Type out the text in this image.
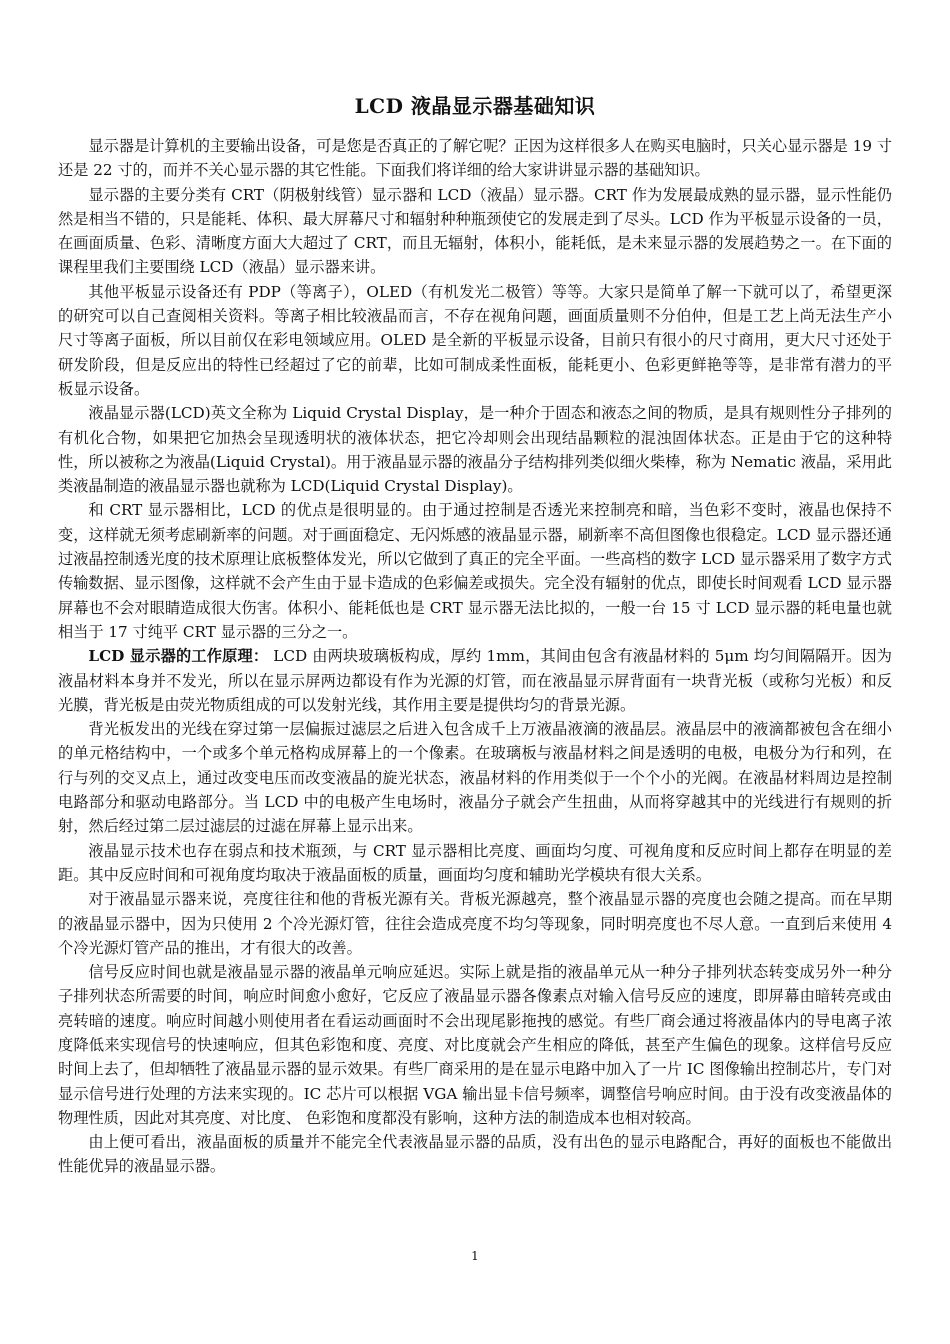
LCD 液晶显示器基础知识

显示器是计算机的主要输出设备，可是您是否真正的了解它呢？正因为这样很多人在购买电脑时，只关心显示器是 19 寸还是 22 寸的，而并不关心显示器的其它性能。下面我们将详细的给大家讲讲显示器的基础知识。

显示器的主要分类有 CRT（阴极射线管）显示器和 LCD（液晶）显示器。CRT 作为发展最成熟的显示器，显示性能仍然是相当不错的，只是能耗、体积、最大屏幕尺寸和辐射种种瓶颈使它的发展走到了尽头。LCD 作为平板显示设备的一员，在画面质量、色彩、清晰度方面大大超过了 CRT，而且无辐射，体积小，能耗低，是未来显示器的发展趋势之一。在下面的课程里我们主要围绕 LCD（液晶）显示器来讲。

其他平板显示设备还有 PDP（等离子），OLED（有机发光二极管）等等。大家只是简单了解一下就可以了，希望更深的研究可以自己查阅相关资料。等离子相比较液晶而言，不存在视角问题，画面质量则不分伯仲，但是工艺上尚无法生产小尺寸等离子面板，所以目前仅在彩电领域应用。OLED 是全新的平板显示设备，目前只有很小的尺寸商用，更大尺寸还处于研发阶段，但是反应出的特性已经超过了它的前辈，比如可制成柔性面板，能耗更小、色彩更鲜艳等等，是非常有潜力的平板显示设备。

液晶显示器(LCD)英文全称为 Liquid Crystal Display，是一种介于固态和液态之间的物质，是具有规则性分子排列的有机化合物，如果把它加热会呈现透明状的液体状态，把它冷却则会出现结晶颗粒的混浊固体状态。正是由于它的这种特性，所以被称之为液晶(Liquid Crystal)。用于液晶显示器的液晶分子结构排列类似细火柴棒，称为 Nematic 液晶，采用此类液晶制造的液晶显示器也就称为 LCD(Liquid Crystal Display)。

和 CRT 显示器相比，LCD 的优点是很明显的。由于通过控制是否透光来控制亮和暗，当色彩不变时，液晶也保持不变，这样就无须考虑刷新率的问题。对于画面稳定、无闪烁感的液晶显示器，刷新率不高但图像也很稳定。LCD 显示器还通过液晶控制透光度的技术原理让底板整体发光，所以它做到了真正的完全平面。一些高档的数字 LCD 显示器采用了数字方式传输数据、显示图像，这样就不会产生由于显卡造成的色彩偏差或损失。完全没有辐射的优点，即使长时间观看 LCD 显示器屏幕也不会对眼睛造成很大伤害。体积小、能耗低也是 CRT 显示器无法比拟的，一般一台 15 寸 LCD 显示器的耗电量也就相当于 17 寸纯平 CRT 显示器的三分之一。

LCD 显示器的工作原理： LCD 由两块玻璃板构成，厚约 1mm，其间由包含有液晶材料的 5μm 均匀间隔隔开。因为液晶材料本身并不发光，所以在显示屏两边都设有作为光源的灯管，而在液晶显示屏背面有一块背光板（或称匀光板）和反光膜，背光板是由荧光物质组成的可以发射光线，其作用主要是提供均匀的背景光源。

背光板发出的光线在穿过第一层偏振过滤层之后进入包含成千上万液晶液滴的液晶层。液晶层中的液滴都被包含在细小的单元格结构中，一个或多个单元格构成屏幕上的一个像素。在玻璃板与液晶材料之间是透明的电极，电极分为行和列，在行与列的交叉点上，通过改变电压而改变液晶的旋光状态，液晶材料的作用类似于一个个小的光阀。在液晶材料周边是控制电路部分和驱动电路部分。当 LCD 中的电极产生电场时，液晶分子就会产生扭曲，从而将穿越其中的光线进行有规则的折射，然后经过第二层过滤层的过滤在屏幕上显示出来。

液晶显示技术也存在弱点和技术瓶颈，与 CRT 显示器相比亮度、画面均匀度、可视角度和反应时间上都存在明显的差距。其中反应时间和可视角度均取决于液晶面板的质量，画面均匀度和辅助光学模块有很大关系。

对于液晶显示器来说，亮度往往和他的背板光源有关。背板光源越亮，整个液晶显示器的亮度也会随之提高。而在早期的液晶显示器中，因为只使用 2 个冷光源灯管，往往会造成亮度不均匀等现象，同时明亮度也不尽人意。一直到后来使用 4 个冷光源灯管产品的推出，才有很大的改善。

信号反应时间也就是液晶显示器的液晶单元响应延迟。实际上就是指的液晶单元从一种分子排列状态转变成另外一种分子排列状态所需要的时间，响应时间愈小愈好，它反应了液晶显示器各像素点对输入信号反应的速度，即屏幕由暗转亮或由亮转暗的速度。响应时间越小则使用者在看运动画面时不会出现尾影拖拽的感觉。有些厂商会通过将液晶体内的导电离子浓度降低来实现信号的快速响应，但其色彩饱和度、亮度、对比度就会产生相应的降低，甚至产生偏色的现象。这样信号反应时间上去了，但却牺牲了液晶显示器的显示效果。有些厂商采用的是在显示电路中加入了一片 IC 图像输出控制芯片，专门对显示信号进行处理的方法来实现的。IC 芯片可以根据 VGA 输出显卡信号频率，调整信号响应时间。由于没有改变液晶体的物理性质，因此对其亮度、对比度、 色彩饱和度都没有影响，这种方法的制造成本也相对较高。

由上便可看出，液晶面板的质量并不能完全代表液晶显示器的品质，没有出色的显示电路配合，再好的面板也不能做出性能优异的液晶显示器。

1
